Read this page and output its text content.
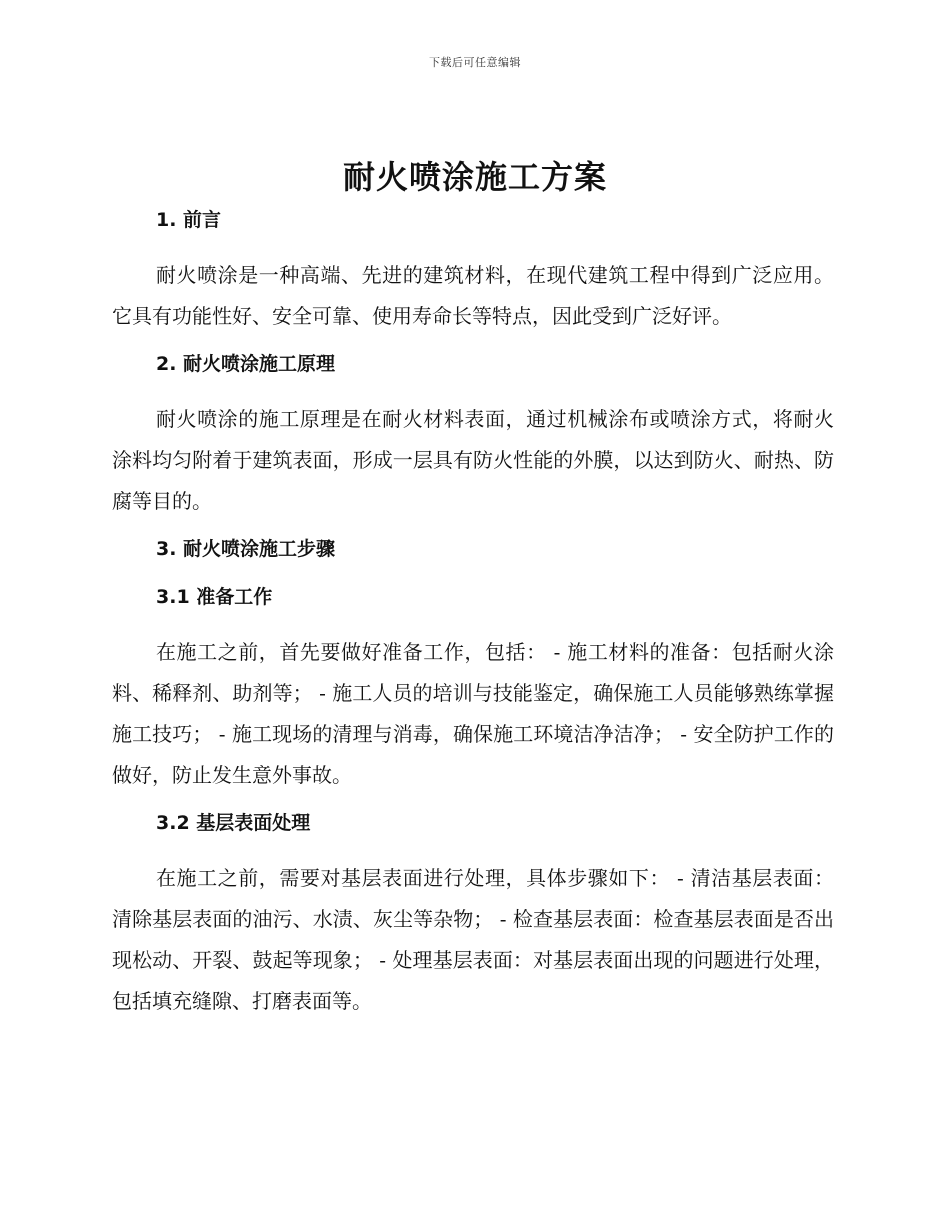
下载后可任意编辑
耐火喷涂施工方案
1. 前言

耐火喷涂是一种高端、先进的建筑材料，在现代建筑工程中得到广泛应用。它具有功能性好、安全可靠、使用寿命长等特点，因此受到广泛好评。

2. 耐火喷涂施工原理

耐火喷涂的施工原理是在耐火材料表面，通过机械涂布或喷涂方式，将耐火涂料均匀附着于建筑表面，形成一层具有防火性能的外膜，以达到防火、耐热、防腐等目的。

3. 耐火喷涂施工步骤
3.1 准备工作

在施工之前，首先要做好准备工作，包括： - 施工材料的准备：包括耐火涂料、稀释剂、助剂等； - 施工人员的培训与技能鉴定，确保施工人员能够熟练掌握施工技巧； - 施工现场的清理与消毒，确保施工环境洁净洁净； - 安全防护工作的做好，防止发生意外事故。

3.2 基层表面处理

在施工之前，需要对基层表面进行处理，具体步骤如下： - 清洁基层表面：清除基层表面的油污、水渍、灰尘等杂物； - 检查基层表面：检查基层表面是否出现松动、开裂、鼓起等现象； - 处理基层表面：对基层表面出现的问题进行处理，包括填充缝隙、打磨表面等。
